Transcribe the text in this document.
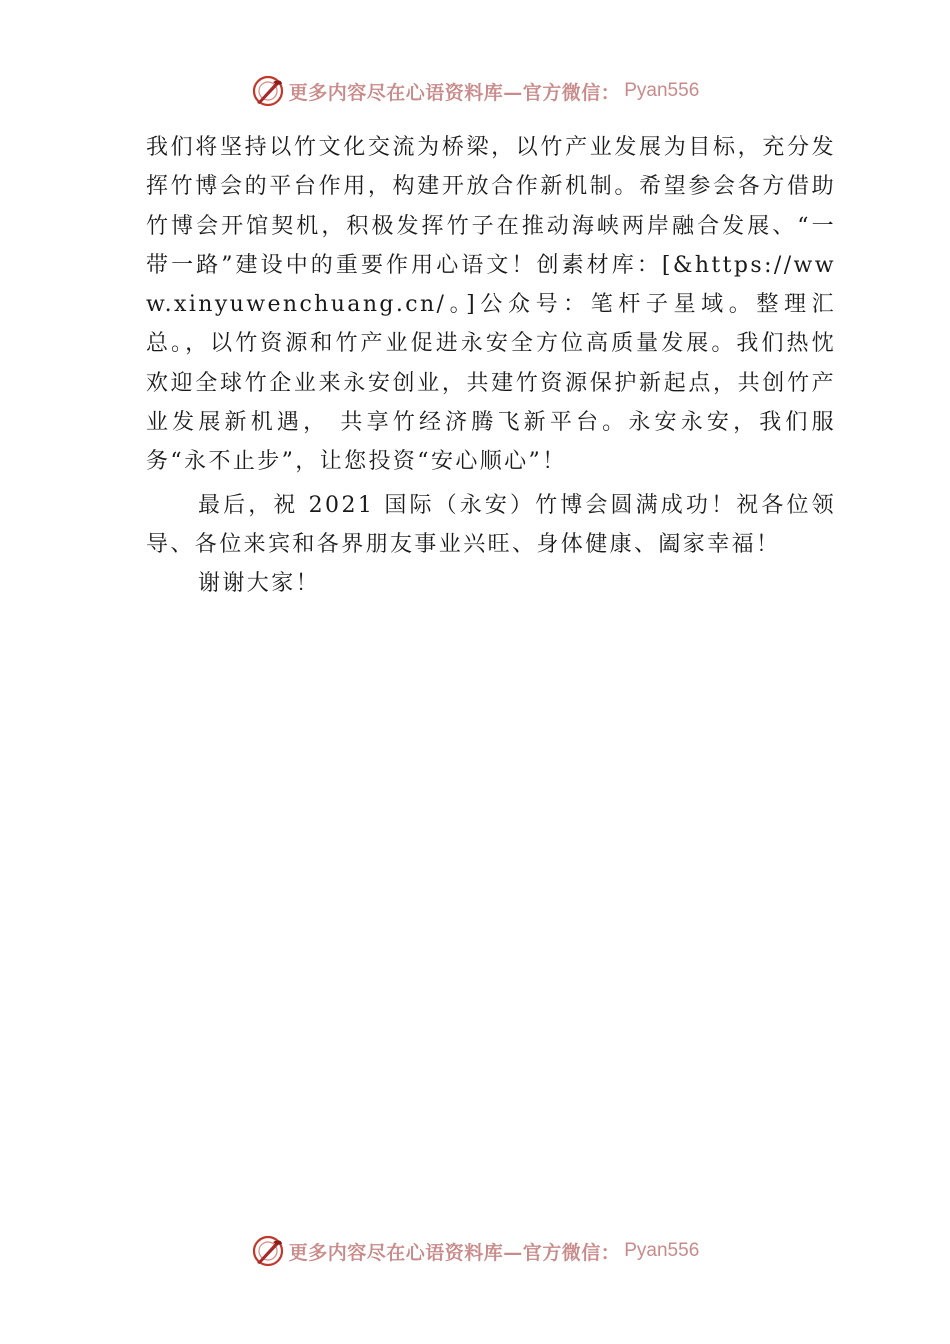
更多内容尽在心语资料库—官方微信： Pyan556

我们将坚持以竹文化交流为桥梁，以竹产业发展为目标，充分发挥竹博会的平台作用，构建开放合作新机制。希望参会各方借助竹博会开馆契机，积极发挥竹子在推动海峡两岸融合发展、“一带一路”建设中的重要作用心语文！创素材库：[&https://www.xinyuwenchuang.cn/。]公众号：笔杆子星域。整理汇总。，以竹资源和竹产业促进永安全方位高质量发展。我们热忱欢迎全球竹企业来永安创业，共建竹资源保护新起点，共创竹产业发展新机遇， 共享竹经济腾飞新平台。永安永安，我们服务“永不止步”，让您投资“安心顺心”！

最后，祝 2021 国际（永安）竹博会圆满成功！祝各位领导、各位来宾和各界朋友事业兴旺、身体健康、阖家幸福！

谢谢大家！

更多内容尽在心语资料库—官方微信： Pyan556
